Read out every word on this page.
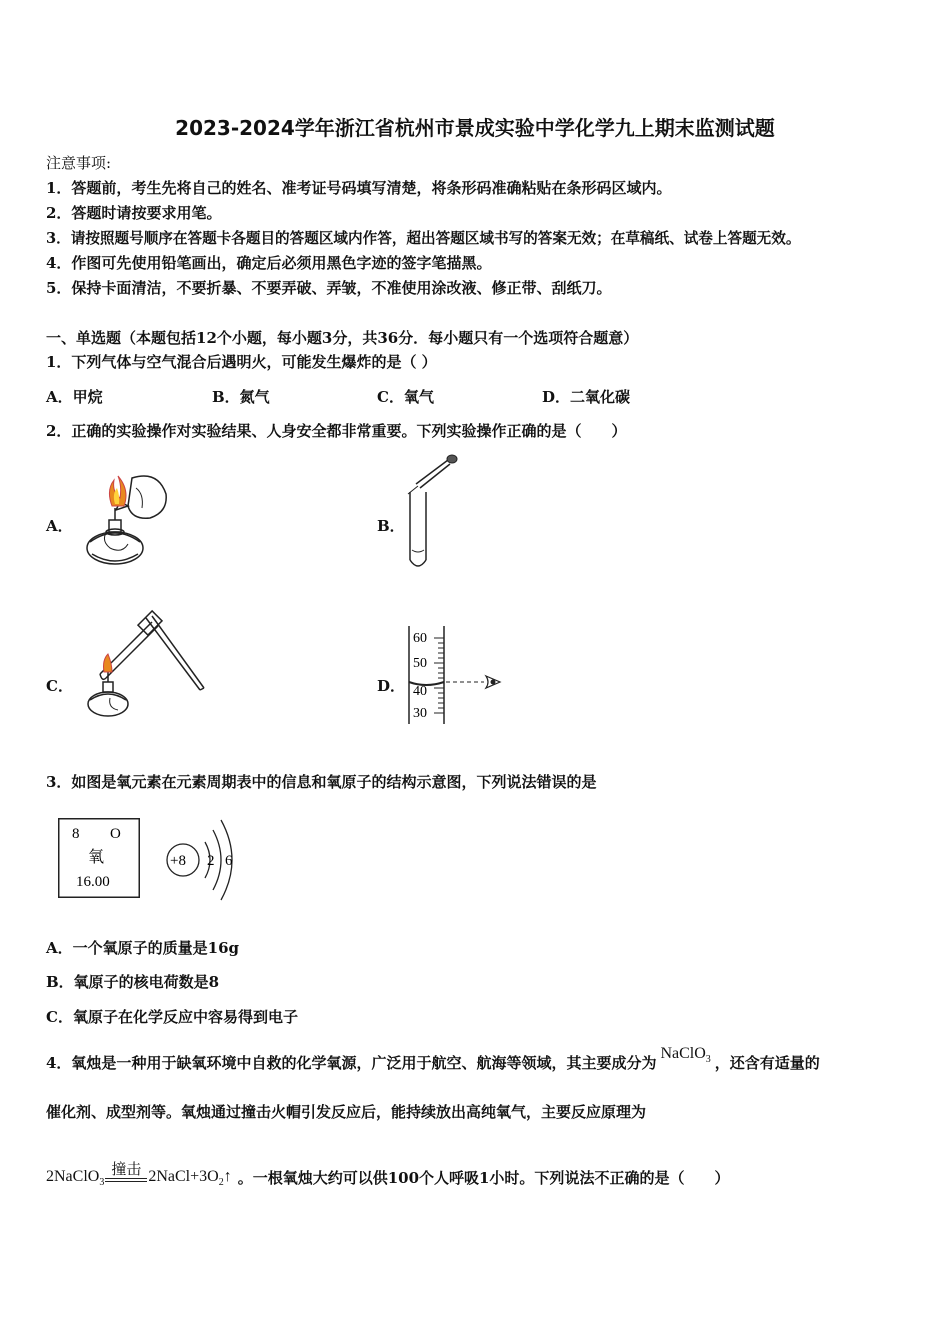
2023-2024学年浙江省杭州市景成实验中学化学九上期末监测试题
注意事项:
1．答题前，考生先将自己的姓名、准考证号码填写清楚，将条形码准确粘贴在条形码区域内。
2．答题时请按要求用笔。
3．请按照题号顺序在答题卡各题目的答题区域内作答，超出答题区域书写的答案无效；在草稿纸、试卷上答题无效。
4．作图可先使用铅笔画出，确定后必须用黑色字迹的签字笔描黑。
5．保持卡面清洁，不要折暴、不要弄破、弄皱，不准使用涂改液、修正带、刮纸刀。
一、单选题（本题包括12个小题，每小题3分，共36分．每小题只有一个选项符合题意）
1．下列气体与空气混合后遇明火，可能发生爆炸的是（ ）
A．甲烷	B．氮气	C．氧气	D．二氧化碳
2．正确的实验操作对实验结果、人身安全都非常重要。下列实验操作正确的是（　　）
A．	B．
C．	D．
60
50
40
30
3．如图是氧元素在元素周期表中的信息和氧原子的结构示意图，下列说法错误的是
8 O
氧
16.00
+8 2 6
A．一个氧原子的质量是16g
B．氧原子的核电荷数是8
C．氧原子在化学反应中容易得到电子
4．氧烛是一种用于缺氧环境中自救的化学氧源，广泛用于航空、航海等领域，其主要成分为NaClO$_3$ ，还含有适量的
催化剂、成型剂等。氧烛通过撞击火帽引发反应后，能持续放出高纯氧气，主要反应原理为
2NaClO$_3$
撞击 $2NaCl+3O_2↑$ 。一根氧烛大约可以供100个人呼吸1小时。下列说法不正确的是（　　）
